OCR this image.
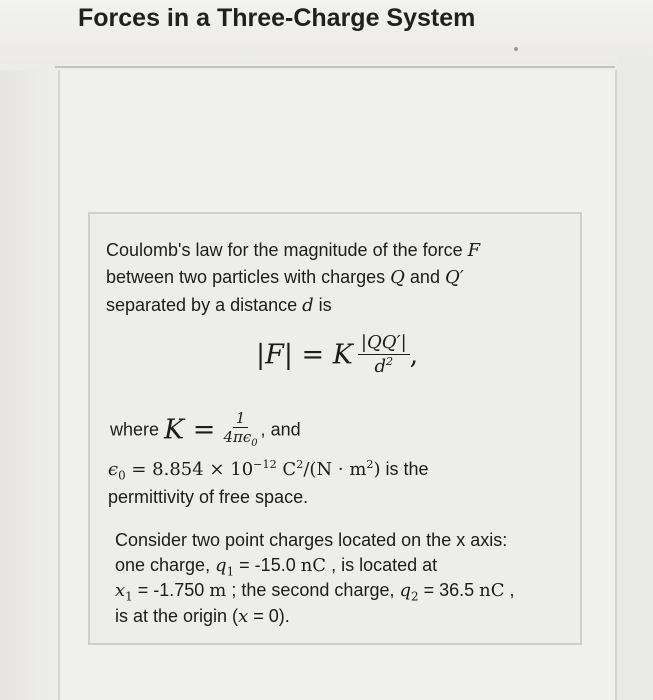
Forces in a Three-Charge System
Coulomb's law for the magnitude of the force F
between two particles with charges Q and Q′
separated by a distance d is
|F| = K $\frac{|QQ'|}{d^2}$ ,
where $K = \frac{1}{4\pi\epsilon_0}$ , and
$\epsilon_0 = 8.854 \times 10^{-12}$ $C^2/(N \cdot m^2)$ is the
permittivity of free space.
Consider two point charges located on the x axis:
one charge, $q_1 = -15.0$ nC , is located at
$x_1 = -1.750$ m ; the second charge, $q_2 = 36.5$ nC ,
is at the origin (x = 0).
